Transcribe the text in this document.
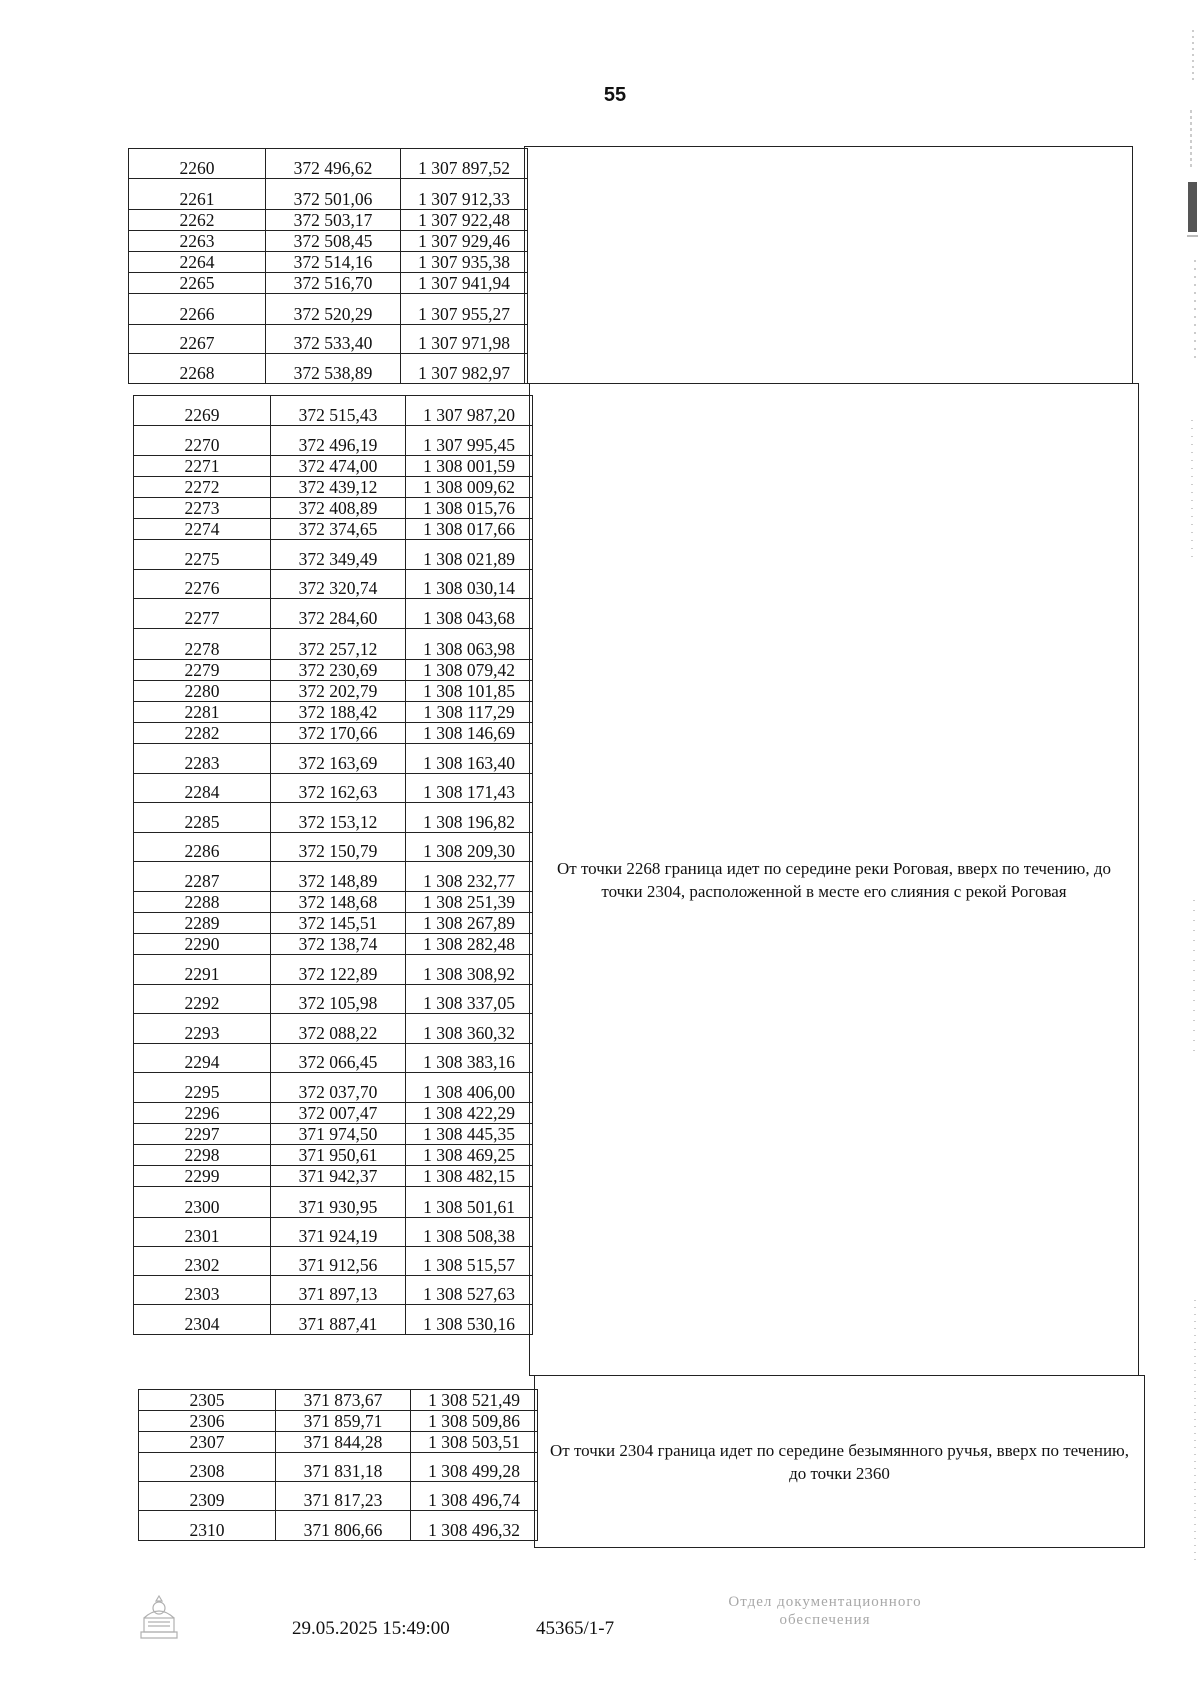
55
2260	372 496,62	1 307 897,52
2261	372 501,06	1 307 912,33
2262	372 503,17	1 307 922,48
2263	372 508,45	1 307 929,46
2264	372 514,16	1 307 935,38
2265	372 516,70	1 307 941,94
2266	372 520,29	1 307 955,27
2267	372 533,40	1 307 971,98
2268	372 538,89	1 307 982,97
2269	372 515,43	1 307 987,20
2270	372 496,19	1 307 995,45
2271	372 474,00	1 308 001,59
2272	372 439,12	1 308 009,62
2273	372 408,89	1 308 015,76
2274	372 374,65	1 308 017,66
2275	372 349,49	1 308 021,89
2276	372 320,74	1 308 030,14
2277	372 284,60	1 308 043,68
2278	372 257,12	1 308 063,98
2279	372 230,69	1 308 079,42
2280	372 202,79	1 308 101,85
2281	372 188,42	1 308 117,29
2282	372 170,66	1 308 146,69
2283	372 163,69	1 308 163,40
2284	372 162,63	1 308 171,43
2285	372 153,12	1 308 196,82
2286	372 150,79	1 308 209,30
2287	372 148,89	1 308 232,77
2288	372 148,68	1 308 251,39
2289	372 145,51	1 308 267,89
2290	372 138,74	1 308 282,48
2291	372 122,89	1 308 308,92
2292	372 105,98	1 308 337,05
2293	372 088,22	1 308 360,32
2294	372 066,45	1 308 383,16
2295	372 037,70	1 308 406,00
2296	372 007,47	1 308 422,29
2297	371 974,50	1 308 445,35
2298	371 950,61	1 308 469,25
2299	371 942,37	1 308 482,15
2300	371 930,95	1 308 501,61
2301	371 924,19	1 308 508,38
2302	371 912,56	1 308 515,57
2303	371 897,13	1 308 527,63
2304	371 887,41	1 308 530,16
От точки 2268 граница идет по середине реки Роговая, вверх по течению, до точки 2304, расположенной в месте его слияния с рекой Роговая
2305	371 873,67	1 308 521,49
2306	371 859,71	1 308 509,86
2307	371 844,28	1 308 503,51
2308	371 831,18	1 308 499,28
2309	371 817,23	1 308 496,74
2310	371 806,66	1 308 496,32
От точки 2304 граница идет по середине безымянного ручья, вверх по течению, до точки 2360
29.05.2025 15:49:00	45365/1-7
Отдел документационного
обеспечения
